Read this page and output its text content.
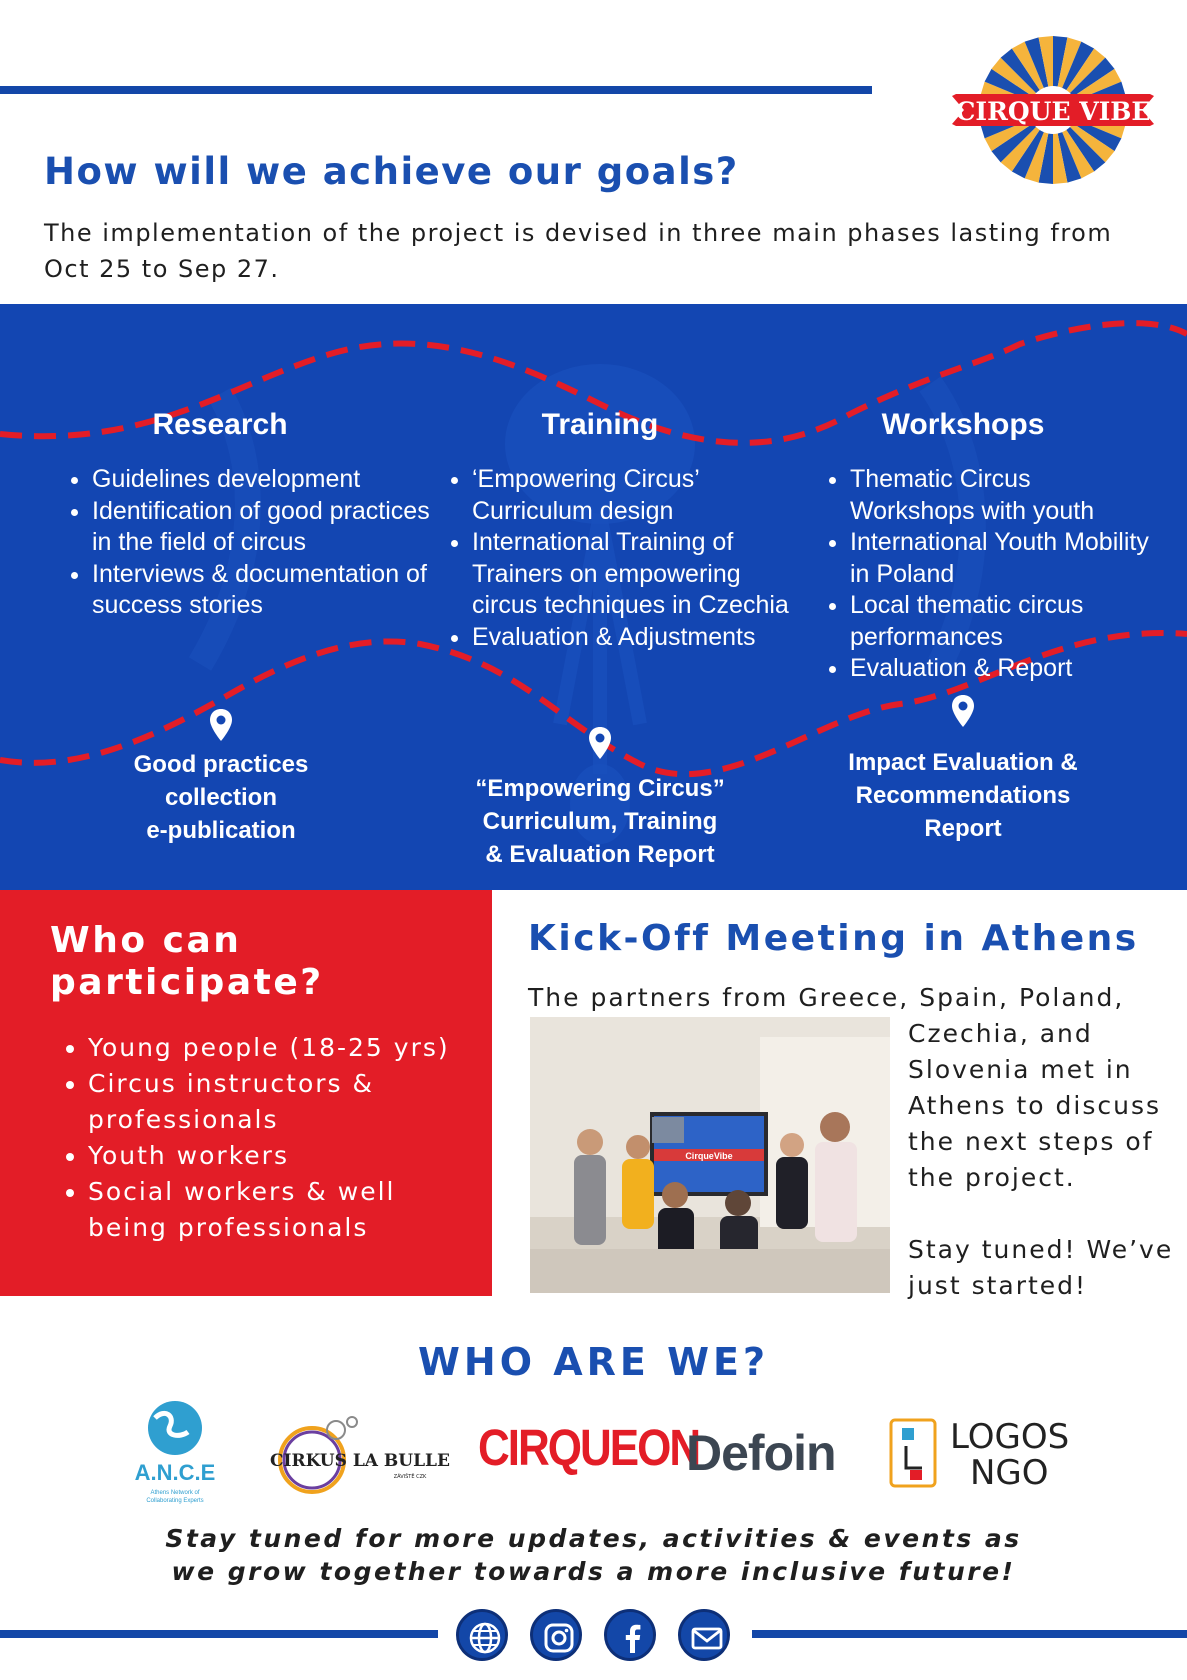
CIRQUE VIBE
How will we achieve our goals?

The implementation of the project is devised in three main phases lasting from Oct 25 to Sep 27.

Research
• Guidelines development
• Identification of good practices in the field of circus
• Interviews & documentation of success stories
Training
• ‘Empowering Circus’ Curriculum design
• International Training of Trainers on empowering circus techniques in Czechia
• Evaluation & Adjustments
Workshops
• Thematic Circus Workshops with youth
• International Youth Mobility in Poland
• Local thematic circus performances
• Evaluation & Report
Good practices
collection
e-publication
“Empowering Circus”
Curriculum, Training
& Evaluation Report
Impact Evaluation &
Recommendations
Report
Who can participate?
• Young people (18-25 yrs)
• Circus instructors & professionals
• Youth workers
• Social workers & well being professionals
Kick-Off Meeting in Athens

The partners from Greece, Spain, Poland,

CirqueVibe

Czechia, and Slovenia met in Athens to discuss the next steps of the project.

Stay tuned! We’ve just started!

WHO ARE WE?
A.N.C.E
Athens Network of
Collaborating Experts
CIRKUS LA BULLE
ZÁVIŠTĚ CZK
CIRQUEON
Defoin	LOGOS
NGO
Stay tuned for more updates, activities & events as
we grow together towards a more inclusive future!
